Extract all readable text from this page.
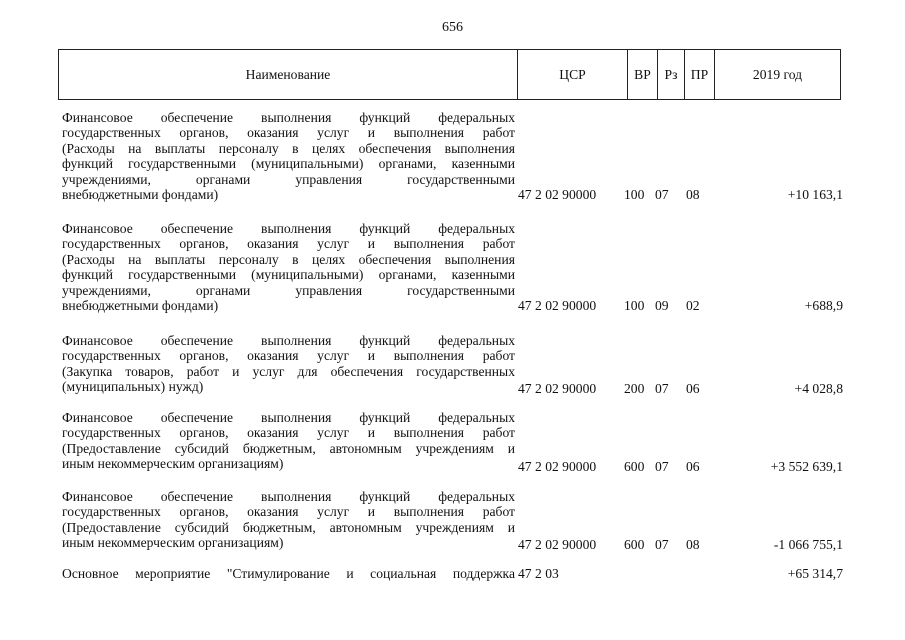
656
Наименование	ЦСР	ВР	Рз ПР	2019 год
Финансовое обеспечение выполнения функций федеральных
государственных органов, оказания услуг и выполнения работ
(Расходы на выплаты персоналу в целях обеспечения выполнения
функций государственными (муниципальными) органами, казенными
учреждениями, органами управления государственными
внебюджетными фондами)	47 2 02 90000 100 07 08	+10 163,1
Финансовое обеспечение выполнения функций федеральных
государственных органов, оказания услуг и выполнения работ
(Расходы на выплаты персоналу в целях обеспечения выполнения
функций государственными (муниципальными) органами, казенными
учреждениями, органами управления государственными
внебюджетными фондами)	47 2 02 90000 100 09 02	+688,9
Финансовое обеспечение выполнения функций федеральных
государственных органов, оказания услуг и выполнения работ
(Закупка товаров, работ и услуг для обеспечения государственных
(муниципальных) нужд)	47 2 02 90000 200 07 06	+4 028,8
Финансовое обеспечение выполнения функций федеральных
государственных органов, оказания услуг и выполнения работ
(Предоставление субсидий бюджетным, автономным учреждениям и
иным некоммерческим организациям)	47 2 02 90000 600 07 06	+3 552 639,1
Финансовое обеспечение выполнения функций федеральных
государственных органов, оказания услуг и выполнения работ
(Предоставление субсидий бюджетным, автономным учреждениям и
иным некоммерческим организациям)	47 2 02 90000 600 07 08	-1 066 755,1
Основное мероприятие "Стимулирование и социальная поддержка 47 2 03	+65 314,7
